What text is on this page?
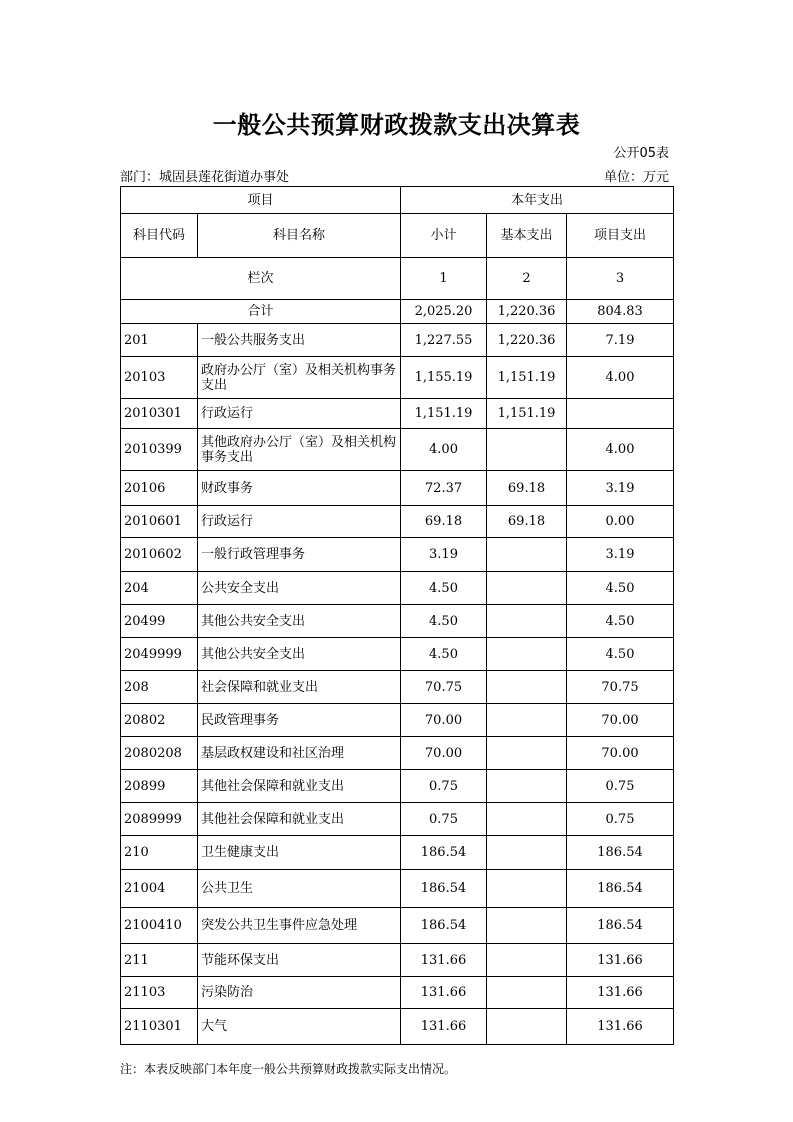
一般公共预算财政拨款支出决算表
公开05表
部门：城固县莲花街道办事处	单位：万元
项目		本年支出		
科目代码	科目名称	小计	基本支出	项目支出
栏次		1	2	3
合计		2,025.20	1,220.36	804.83
201	一般公共服务支出	1,227.55	1,220.36	7.19
20103	政府办公厅（室）及相关机构事务支出	1,155.19	1,151.19	4.00
2010301	行政运行	1,151.19	1,151.19	
2010399	其他政府办公厅（室）及相关机构事务支出	4.00		4.00
20106	财政事务	72.37	69.18	3.19
2010601	行政运行	69.18	69.18	0.00
2010602	一般行政管理事务	3.19		3.19
204	公共安全支出	4.50		4.50
20499	其他公共安全支出	4.50		4.50
2049999	其他公共安全支出	4.50		4.50
208	社会保障和就业支出	70.75		70.75
20802	民政管理事务	70.00		70.00
2080208	基层政权建设和社区治理	70.00		70.00
20899	其他社会保障和就业支出	0.75		0.75
2089999	其他社会保障和就业支出	0.75		0.75
210	卫生健康支出	186.54		186.54
21004	公共卫生	186.54		186.54
2100410	突发公共卫生事件应急处理	186.54		186.54
211	节能环保支出	131.66		131.66
21103	污染防治	131.66		131.66
2110301	大气	131.66		131.66
注：本表反映部门本年度一般公共预算财政拨款实际支出情况。
